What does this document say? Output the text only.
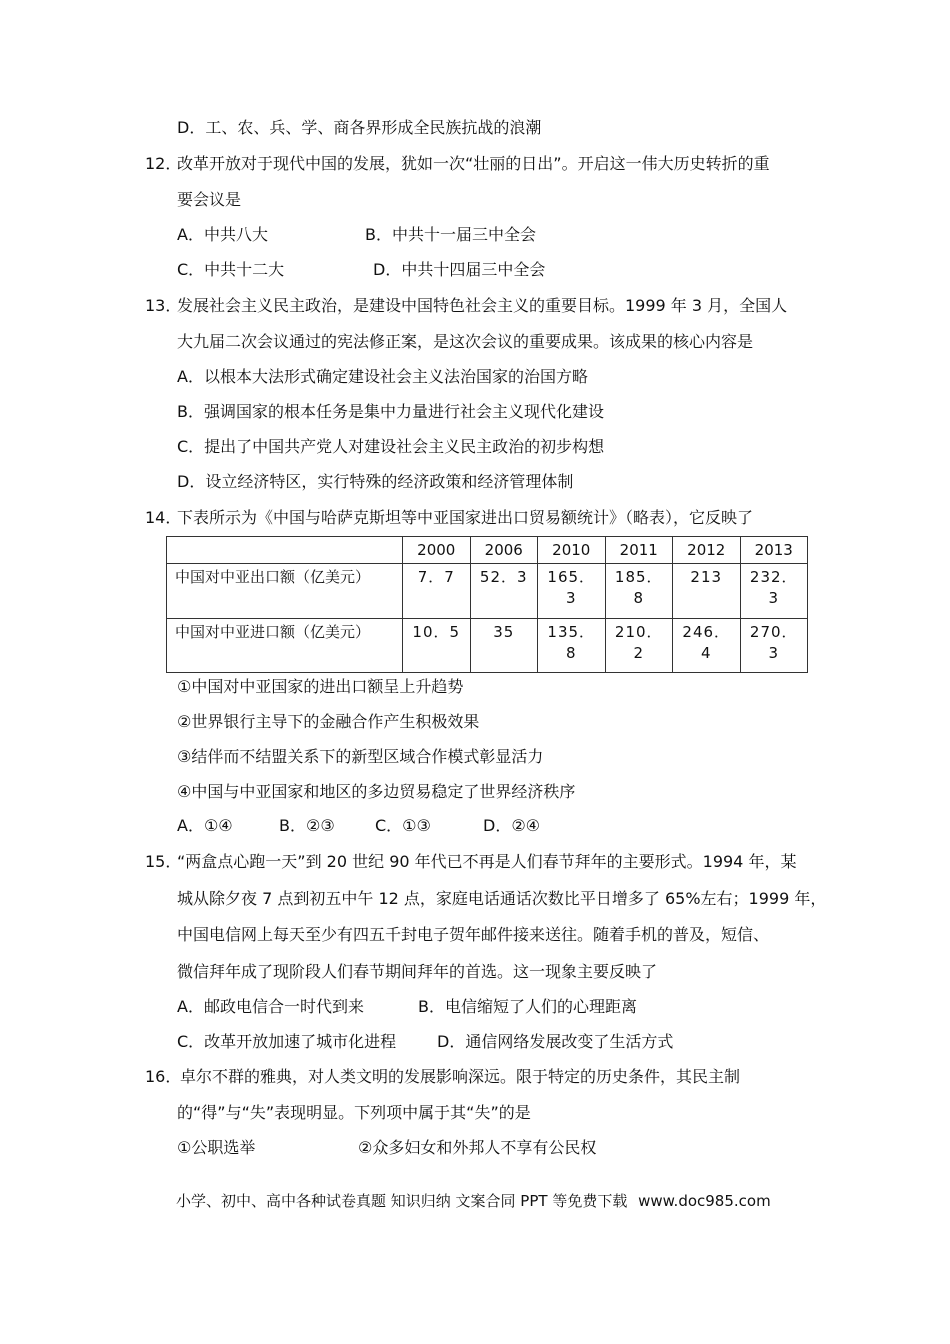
D．工、农、兵、学、商各界形成全民族抗战的浪潮
12．
改革开放对于现代中国的发展，犹如一次“壮丽的日出”。开启这一伟大历史转折的重
要会议是
A．中共八大	B．中共十一届三中全会
C．中共十二大	D．中共十四届三中全会
13．
发展社会主义民主政治，是建设中国特色社会主义的重要目标。1999 年 3 月，全国人
大九届二次会议通过的宪法修正案，是这次会议的重要成果。该成果的核心内容是
A．以根本大法形式确定建设社会主义法治国家的治国方略
B．强调国家的根本任务是集中力量进行社会主义现代化建设
C．提出了中国共产党人对建设社会主义民主政治的初步构想
D．设立经济特区，实行特殊的经济政策和经济管理体制
14．
下表所示为《中国与哈萨克斯坦等中亚国家进出口贸易额统计》（略表），它反映了
	2000	2006	2010	2011	2012	2013
中国对中亚出口额（亿美元）	7．7	52．3	165．3	185．8	213	232．3
中国对中亚进口额（亿美元）	10．5	35	135．8	210．2	246．4	270．3
①中国对中亚国家的进出口额呈上升趋势
②世界银行主导下的金融合作产生积极效果
③结伴而不结盟关系下的新型区域合作模式彰显活力
④中国与中亚国家和地区的多边贸易稳定了世界经济秩序
A．①④	B．②③	C．①③	D．②④
15．
“两盒点心跑一天”到 20 世纪 90 年代已不再是人们春节拜年的主要形式。1994 年，某
城从除夕夜 7 点到初五中午 12 点，家庭电话通话次数比平日增多了 65%左右；1999 年，
中国电信网上每天至少有四五千封电子贺年邮件接来送往。随着手机的普及，短信、
微信拜年成了现阶段人们春节期间拜年的首选。这一现象主要反映了
A．邮政电信合一时代到来	B．电信缩短了人们的心理距离
C．改革开放加速了城市化进程	D．通信网络发展改变了生活方式
16．
卓尔不群的雅典，对人类文明的发展影响深远。限于特定的历史条件，其民主制
的“得”与“失”表现明显。下列项中属于其“失”的是
①公职选举	②众多妇女和外邦人不享有公民权
小学、初中、高中各种试卷真题 知识归纳 文案合同 PPT 等免费下载 www.doc985.com
